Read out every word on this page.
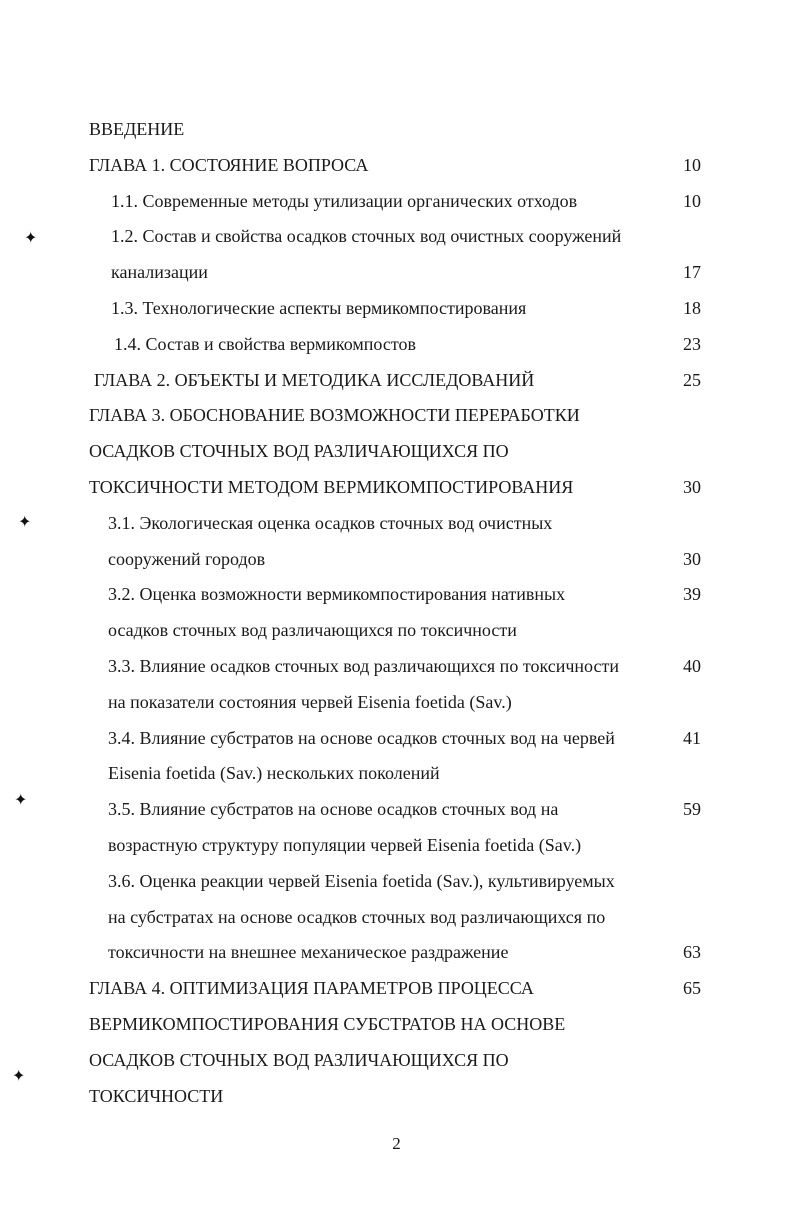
✦
✦
✦
✦
ВВЕДЕНИЕ
ГЛАВА 1. СОСТОЯНИЕ ВОПРОСА	10
1.1. Современные методы утилизации органических отходов	10
1.2. Состав и свойства осадков сточных вод очистных сооружений
канализации	17
1.3. Технологические аспекты вермикомпостирования	18
1.4. Состав и свойства вермикомпостов	23
ГЛАВА 2. ОБЪЕКТЫ И МЕТОДИКА ИССЛЕДОВАНИЙ	25
ГЛАВА 3. ОБОСНОВАНИЕ ВОЗМОЖНОСТИ ПЕРЕРАБОТКИ
ОСАДКОВ СТОЧНЫХ ВОД РАЗЛИЧАЮЩИХСЯ ПО
ТОКСИЧНОСТИ МЕТОДОМ ВЕРМИКОМПОСТИРОВАНИЯ	30
3.1. Экологическая оценка осадков сточных вод очистных
сооружений городов	30
3.2. Оценка возможности вермикомпостирования нативных	39
осадков сточных вод различающихся по токсичности
3.3. Влияние осадков сточных вод различающихся по токсичности	40
на показатели состояния червей Eisenia foetida (Sav.)
3.4. Влияние субстратов на основе осадков сточных вод на червей	41
Eisenia foetida (Sav.) нескольких поколений
3.5. Влияние субстратов на основе осадков сточных вод на	59
возрастную структуру популяции червей Eisenia foetida (Sav.)
3.6. Оценка реакции червей Eisenia foetida (Sav.), культивируемых
на субстратах на основе осадков сточных вод различающихся по
токсичности на внешнее механическое раздражение	63
ГЛАВА 4. ОПТИМИЗАЦИЯ ПАРАМЕТРОВ ПРОЦЕССА	65
ВЕРМИКОМПОСТИРОВАНИЯ СУБСТРАТОВ НА ОСНОВЕ
ОСАДКОВ СТОЧНЫХ ВОД РАЗЛИЧАЮЩИХСЯ ПО
ТОКСИЧНОСТИ
2
